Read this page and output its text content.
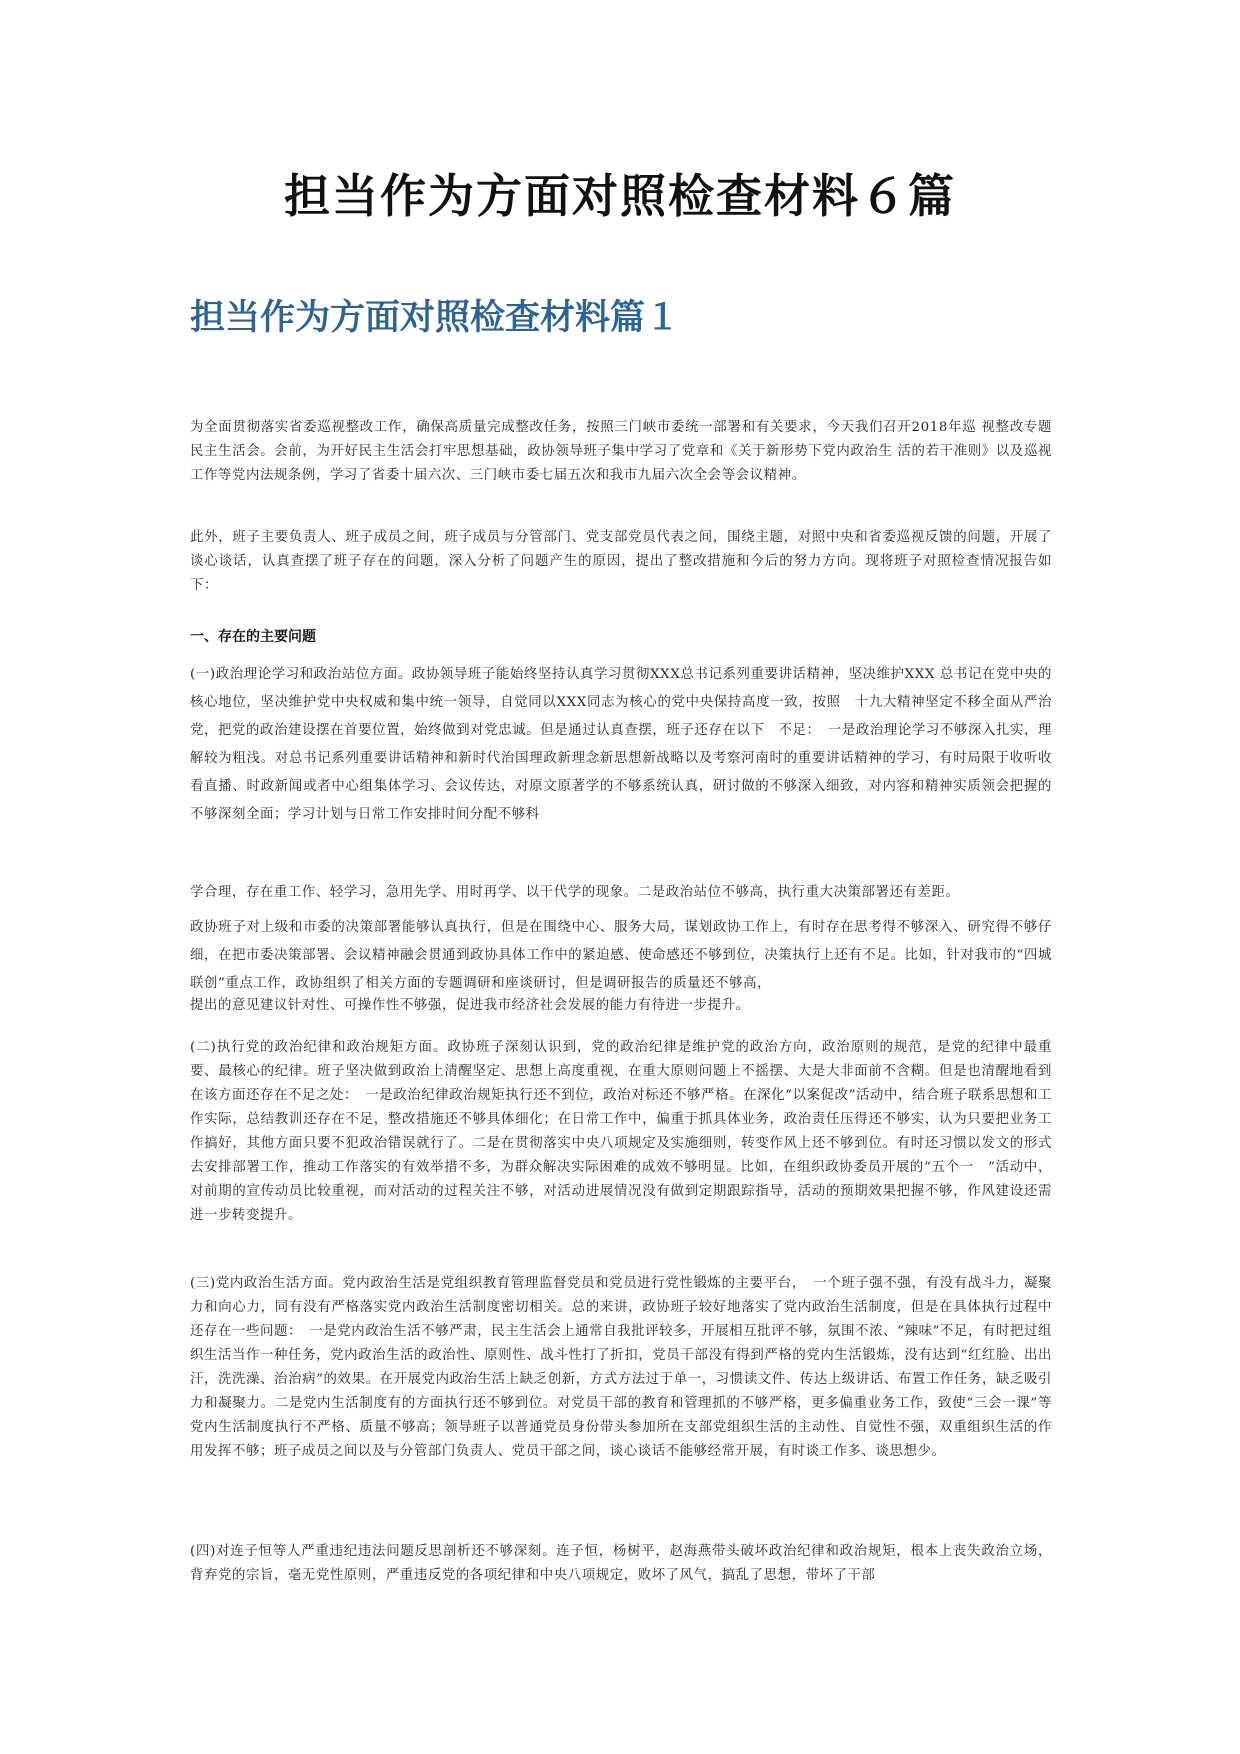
担当作为方面对照检查材料６篇
担当作为方面对照检查材料篇１

为全面贯彻落实省委巡视整改工作，确保高质量完成整改任务，按照三门峡市委统一部署和有关要求，今天我们召开2018年巡 视整改专题民主生活会。会前，为开好民主生活会打牢思想基础，政协领导班子集中学习了党章和《关于新形势下党内政治生 活的若干准则》以及巡视工作等党内法规条例，学习了省委十届六次、三门峡市委七届五次和我市九届六次全会等会议精神。

此外，班子主要负责人、班子成员之间，班子成员与分管部门、党支部党员代表之间，围绕主题，对照中央和省委巡视反馈的问题，开展了谈心谈话，认真查摆了班子存在的问题，深入分析了问题产生的原因，提出了整改措施和今后的努力方向。现将班子对照检查情况报告如下：

一、存在的主要问题

(一)政治理论学习和政治站位方面。政协领导班子能始终坚持认真学习贯彻XXX总书记系列重要讲话精神，坚决维护XXX 总书记在党中央的核心地位，坚决维护党中央权威和集中统一领导，自觉同以XXX同志为核心的党中央保持高度一致，按照　十九大精神坚定不移全面从严治党，把党的政治建设摆在首要位置，始终做到对党忠诚。但是通过认真查摆，班子还存在以下　不足：　一是政治理论学习不够深入扎实，理解较为粗浅。对总书记系列重要讲话精神和新时代治国理政新理念新思想新战略以及考察河南时的重要讲话精神的学习，有时局限于收听收看直播、时政新闻或者中心组集体学习、会议传达，对原文原著学的不够系统认真，研讨做的不够深入细致，对内容和精神实质领会把握的不够深刻全面；学习计划与日常工作安排时间分配不够科

学合理，存在重工作、轻学习，急用先学、用时再学、以干代学的现象。二是政治站位不够高，执行重大决策部署还有差距。

政协班子对上级和市委的决策部署能够认真执行，但是在围绕中心、服务大局，谋划政协工作上，有时存在思考得不够深入、研究得不够仔细，在把市委决策部署、会议精神融会贯通到政协具体工作中的紧迫感、使命感还不够到位，决策执行上还有不足。比如，针对我市的“四城联创”重点工作，政协组织了相关方面的专题调研和座谈研讨，但是调研报告的质量还不够高，

提出的意见建议针对性、可操作性不够强，促进我市经济社会发展的能力有待进一步提升。

(二)执行党的政治纪律和政治规矩方面。政协班子深刻认识到，党的政治纪律是维护党的政治方向，政治原则的规范，是党的纪律中最重要、最核心的纪律。班子坚决做到政治上清醒坚定、思想上高度重视，在重大原则问题上不摇摆、大是大非面前不含糊。但是也清醒地看到在该方面还存在不足之处：　一是政治纪律政治规矩执行还不到位，政治对标还不够严格。在深化“以案促改”活动中，结合班子联系思想和工作实际，总结教训还存在不足，整改措施还不够具体细化；在日常工作中，偏重于抓具体业务，政治责任压得还不够实，认为只要把业务工作搞好，其他方面只要不犯政治错误就行了。二是在贯彻落实中央八项规定及实施细则，转变作风上还不够到位。有时还习惯以发文的形式去安排部署工作，推动工作落实的有效举措不多，为群众解决实际困难的成效不够明显。比如，在组织政协委员开展的“五个一　”活动中，对前期的宣传动员比较重视，而对活动的过程关注不够，对活动进展情况没有做到定期跟踪指导，活动的预期效果把握不够，作风建设还需进一步转变提升。

(三)党内政治生活方面。党内政治生活是党组织教育管理监督党员和党员进行党性锻炼的主要平台，　一个班子强不强，有没有战斗力，凝聚力和向心力，同有没有严格落实党内政治生活制度密切相关。总的来讲，政协班子较好地落实了党内政治生活制度，但是在具体执行过程中还存在一些问题：　一是党内政治生活不够严肃，民主生活会上通常自我批评较多，开展相互批评不够，氛围不浓、“辣味”不足，有时把过组织生活当作一种任务，党内政治生活的政治性、原则性、战斗性打了折扣，党员干部没有得到严格的党内生活锻炼，没有达到“红红脸、出出汗，洗洗澡、治治病”的效果。在开展党内政治生活上缺乏创新，方式方法过于单一，习惯读文件、传达上级讲话、布置工作任务，缺乏吸引力和凝聚力。二是党内生活制度有的方面执行还不够到位。对党员干部的教育和管理抓的不够严格，更多偏重业务工作，致使“三会一课”等党内生活制度执行不严格、质量不够高；领导班子以普通党员身份带头参加所在支部党组织生活的主动性、自觉性不强，双重组织生活的作用发挥不够；班子成员之间以及与分管部门负责人、党员干部之间，谈心谈话不能够经常开展，有时谈工作多、谈思想少。

(四)对连子恒等人严重违纪违法问题反思剖析还不够深刻。连子恒，杨树平，赵海燕带头破坏政治纪律和政治规矩，根本上丧失政治立场，背弃党的宗旨，毫无党性原则，严重违反党的各项纪律和中央八项规定，败坏了风气，搞乱了思想，带坏了干部
